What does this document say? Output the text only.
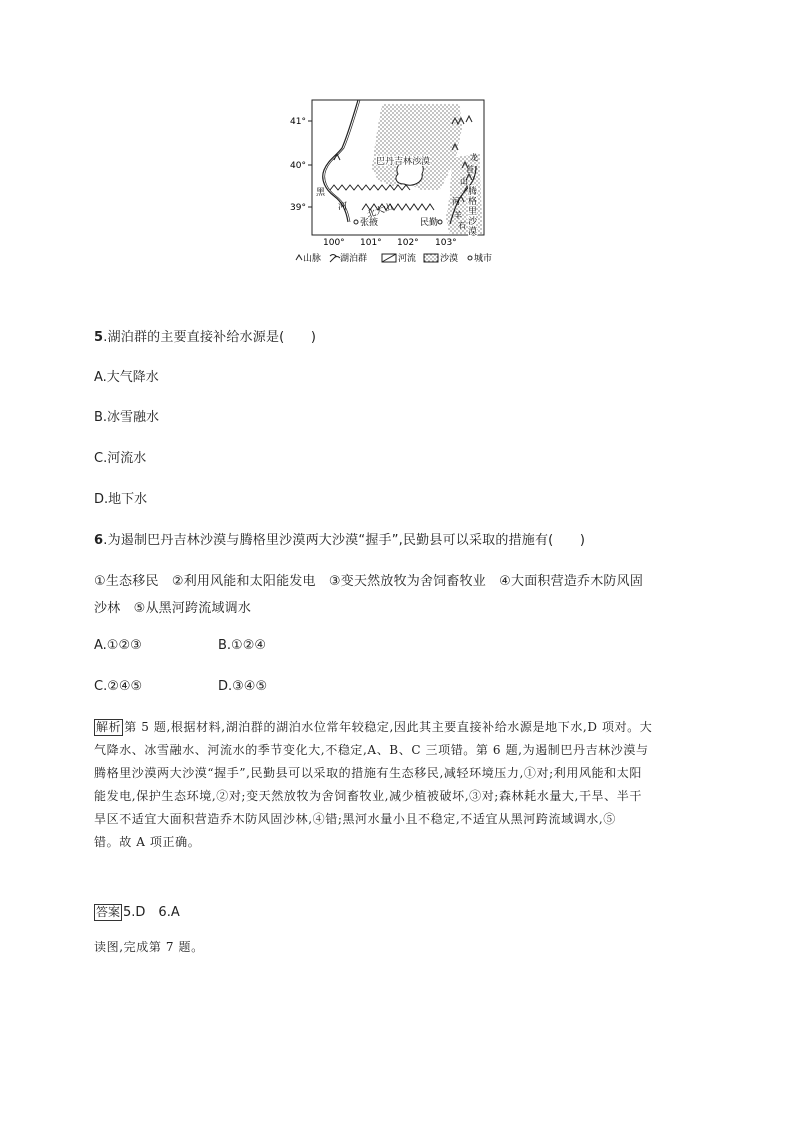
41°
40°
39°
100° 101° 102° 103°
巴丹吉林沙漠
腾
格
里
沙
漠
黑
河
石
羊
河
龙
首
山
北大山
张掖	民勤
山脉 湖泊群	河流	沙漠 城市
5.湖泊群的主要直接补给水源是(　　)
A.大气降水
B.冰雪融水
C.河流水
D.地下水
6.为遏制巴丹吉林沙漠与腾格里沙漠两大沙漠“握手”,民勤县可以采取的措施有(　　)
①生态移民　②利用风能和太阳能发电　③变天然放牧为舍饲畜牧业　④大面积营造乔木防风固
沙林　⑤从黑河跨流域调水
A.①②③	B.①②④
C.②④⑤	D.③④⑤
解析 第 5 题,根据材料,湖泊群的湖泊水位常年较稳定,因此其主要直接补给水源是地下水,D 项对。大
气降水、冰雪融水、河流水的季节变化大,不稳定,A、B、C 三项错。第 6 题,为遏制巴丹吉林沙漠与
腾格里沙漠两大沙漠“握手”,民勤县可以采取的措施有生态移民,减轻环境压力,①对;利用风能和太阳
能发电,保护生态环境,②对;变天然放牧为舍饲畜牧业,减少植被破坏,③对;森林耗水量大,干旱、半干
旱区不适宜大面积营造乔木防风固沙林,④错;黑河水量小且不稳定,不适宜从黑河跨流域调水,⑤
错。故 A 项正确。
答案 5.D　6.A
读图,完成第 7 题。
